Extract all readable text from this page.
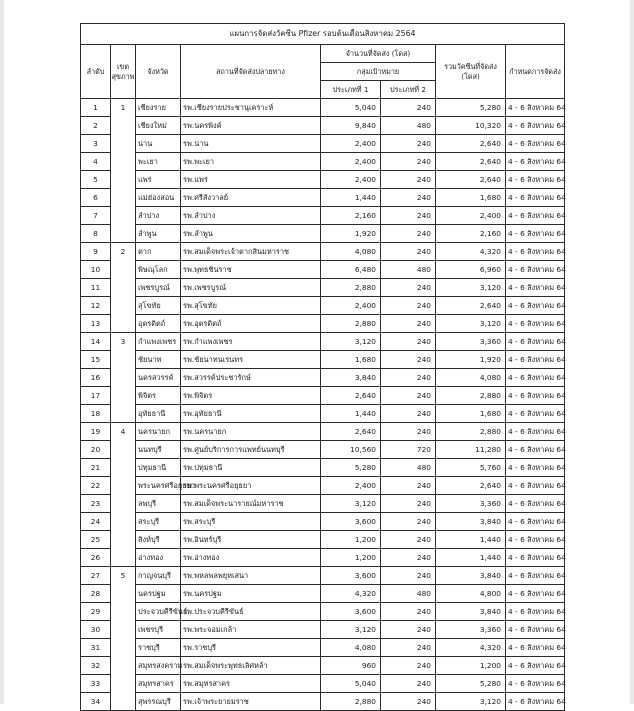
แผนการจัดส่งวัคซีน Pfizer รอบต้นเดือนสิงหาคม 2564							
ลำดับ	เขตสุขภาพ	จังหวัด	สถานที่จัดส่งปลายทาง	จำนวนที่จัดส่ง (โดส)		รวมวัคซีนที่จัดส่ง (โดส)	กำหนดการจัดส่ง
				กลุ่มเป้าหมาย			
				ประเภทที่ 1	ประเภทที่ 2		
1	1	เชียงราย	รพ.เชียงรายประชานุเคราะห์	5,040	240	5,280	4 - 6 สิงหาคม 64
2		เชียงใหม่	รพ.นครพิงค์	9,840	480	10,320	4 - 6 สิงหาคม 64
3		น่าน	รพ.น่าน	2,400	240	2,640	4 - 6 สิงหาคม 64
4		พะเยา	รพ.พะเยา	2,400	240	2,640	4 - 6 สิงหาคม 64
5		แพร่	รพ.แพร่	2,400	240	2,640	4 - 6 สิงหาคม 64
6		แม่ฮ่องสอน	รพ.ศรีสังวาลย์	1,440	240	1,680	4 - 6 สิงหาคม 64
7		ลำปาง	รพ.ลำปาง	2,160	240	2,400	4 - 6 สิงหาคม 64
8		ลำพูน	รพ.ลำพูน	1,920	240	2,160	4 - 6 สิงหาคม 64
9	2	ตาก	รพ.สมเด็จพระเจ้าตากสินมหาราช	4,080	240	4,320	4 - 6 สิงหาคม 64
10		พิษณุโลก	รพ.พุทธชินราช	6,480	480	6,960	4 - 6 สิงหาคม 64
11		เพชรบูรณ์	รพ.เพชรบูรณ์	2,880	240	3,120	4 - 6 สิงหาคม 64
12		สุโขทัย	รพ.สุโขทัย	2,400	240	2,640	4 - 6 สิงหาคม 64
13		อุตรดิตถ์	รพ.อุตรดิตถ์	2,880	240	3,120	4 - 6 สิงหาคม 64
14	3	กำแพงเพชร	รพ.กำแพงเพชร	3,120	240	3,360	4 - 6 สิงหาคม 64
15		ชัยนาท	รพ.ชัยนาทนเรนทร	1,680	240	1,920	4 - 6 สิงหาคม 64
16		นครสวรรค์	รพ.สวรรค์ประชารักษ์	3,840	240	4,080	4 - 6 สิงหาคม 64
17		พิจิตร	รพ.พิจิตร	2,640	240	2,880	4 - 6 สิงหาคม 64
18		อุทัยธานี	รพ.อุทัยธานี	1,440	240	1,680	4 - 6 สิงหาคม 64
19	4	นครนายก	รพ.นครนายก	2,640	240	2,880	4 - 6 สิงหาคม 64
20		นนทบุรี	รพ.ศูนย์บริการการแพทย์นนทบุรี	10,560	720	11,280	4 - 6 สิงหาคม 64
21		ปทุมธานี	รพ.ปทุมธานี	5,280	480	5,760	4 - 6 สิงหาคม 64
22		พระนครศรีอยุธยา	รพ.พระนครศรีอยุธยา	2,400	240	2,640	4 - 6 สิงหาคม 64
23		ลพบุรี	รพ.สมเด็จพระนารายณ์มหาราช	3,120	240	3,360	4 - 6 สิงหาคม 64
24		สระบุรี	รพ.สระบุรี	3,600	240	3,840	4 - 6 สิงหาคม 64
25		สิงห์บุรี	รพ.อินทร์บุรี	1,200	240	1,440	4 - 6 สิงหาคม 64
26		อ่างทอง	รพ.อ่างทอง	1,200	240	1,440	4 - 6 สิงหาคม 64
27	5	กาญจนบุรี	รพ.พหลพลพยุหเสนา	3,600	240	3,840	4 - 6 สิงหาคม 64
28		นครปฐม	รพ.นครปฐม	4,320	480	4,800	4 - 6 สิงหาคม 64
29		ประจวบคีรีขันธ์	รพ.ประจวบคีรีขันธ์	3,600	240	3,840	4 - 6 สิงหาคม 64
30		เพชรบุรี	รพ.พระจอมเกล้า	3,120	240	3,360	4 - 6 สิงหาคม 64
31		ราชบุรี	รพ.ราชบุรี	4,080	240	4,320	4 - 6 สิงหาคม 64
32		สมุทรสงคราม	รพ.สมเด็จพระพุทธเลิศหล้า	960	240	1,200	4 - 6 สิงหาคม 64
33		สมุทรสาคร	รพ.สมุทรสาคร	5,040	240	5,280	4 - 6 สิงหาคม 64
34		สุพรรณบุรี	รพ.เจ้าพระยายมราช	2,880	240	3,120	4 - 6 สิงหาคม 64
